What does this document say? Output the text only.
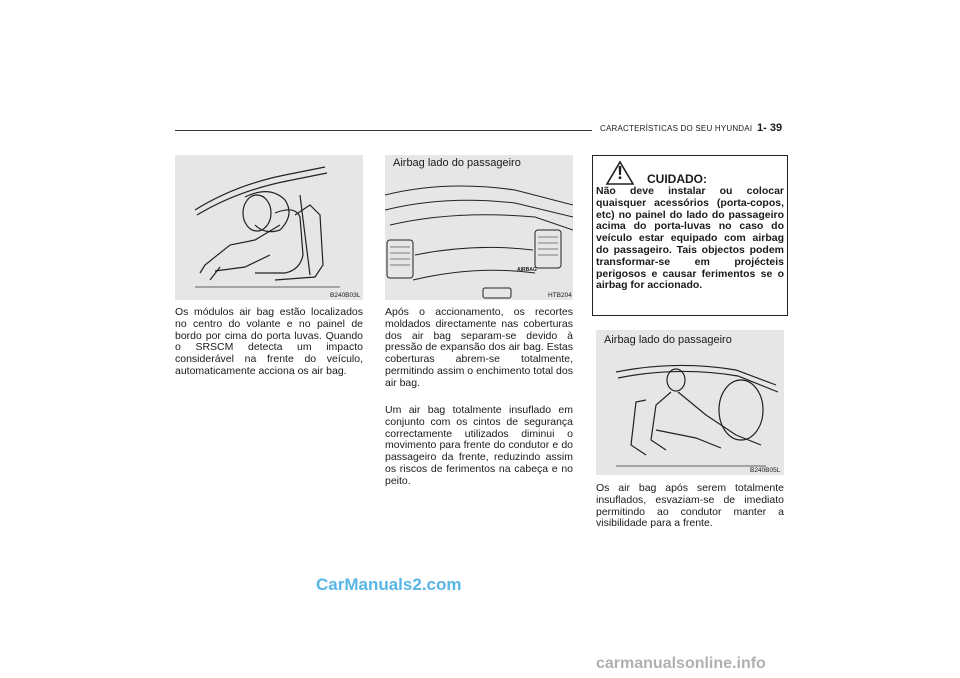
CARACTERÍSTICAS DO SEU HYUNDAI 1- 39
B240B03L
Airbag lado do passageiro
AIRBAG
HTB204
Os módulos air bag estão localizados no centro do volante e no painel de bordo por cima do porta luvas. Quando o SRSCM detecta um impacto considerável na frente do veículo, automaticamente acciona os air bag.
Após o accionamento, os recortes moldados directamente nas coberturas dos air bag separam-se devido à pressão de expansão dos air bag. Estas coberturas abrem-se totalmente, permitindo assim o enchimento total dos air bag.
Um air bag totalmente insuflado em conjunto com os cintos de segurança correctamente utilizados diminui o movimento para frente do condutor e do passageiro da frente, reduzindo assim os riscos de ferimentos na cabeça e no peito.
! CUIDADO:
Não deve instalar ou colocar quaisquer acessórios (porta-copos, etc) no painel do lado do passageiro acima do porta-luvas no caso do veículo estar equipado com airbag do passageiro. Tais objectos podem transformar-se em projécteis perigosos e causar ferimentos se o airbag for accionado.
Airbag lado do passageiro
B240B05L
Os air bag após serem totalmente insuflados, esvaziam-se de imediato permitindo ao condutor manter a visibilidade para a frente.
CarManuals2.com
carmanualsonline.info
